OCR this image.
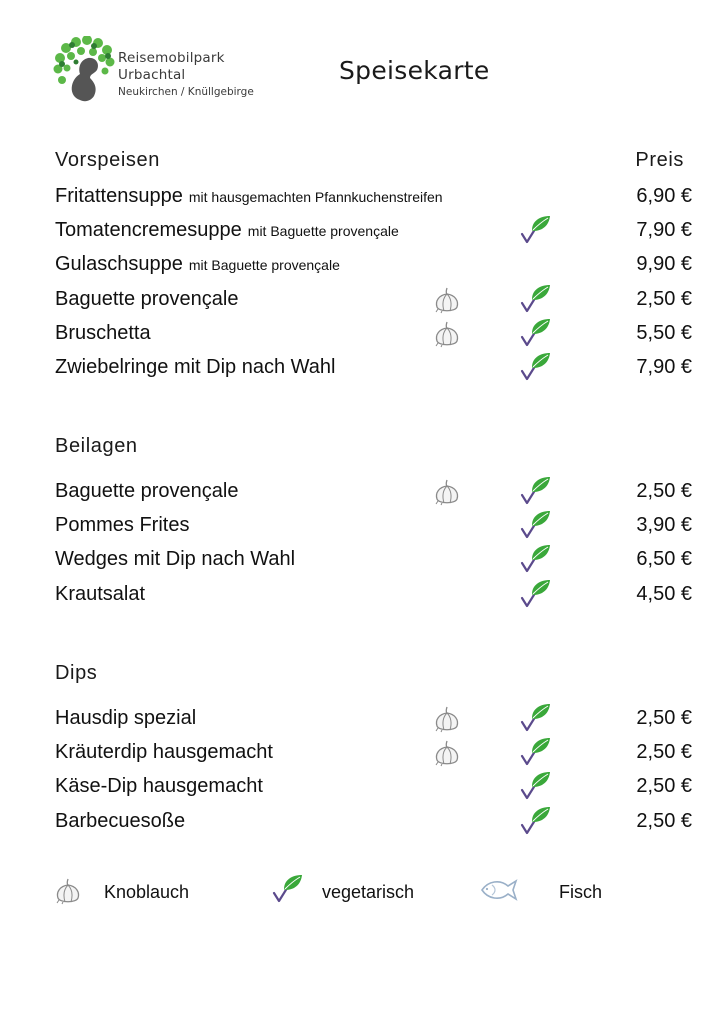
Reisemobilpark
Urbachtal
Neukirchen / Knüllgebirge
Speisekarte
Vorspeisen	Preis
Fritattensuppe mit hausgemachten Pfannkuchenstreifen	6,90 €
Tomatencremesuppe mit Baguette provençale	7,90 €
Gulaschsuppe mit Baguette provençale	9,90 €
Baguette provençale	2,50 €
Bruschetta	5,50 €
Zwiebelringe mit Dip nach Wahl	7,90 €
Beilagen
Baguette provençale	2,50 €
Pommes Frites	3,90 €
Wedges mit Dip nach Wahl	6,50 €
Krautsalat	4,50 €
Dips
Hausdip spezial	2,50 €
Kräuterdip hausgemacht	2,50 €
Käse-Dip hausgemacht	2,50 €
Barbecuesoße	2,50 €
Knoblauch	vegetarisch	Fisch
